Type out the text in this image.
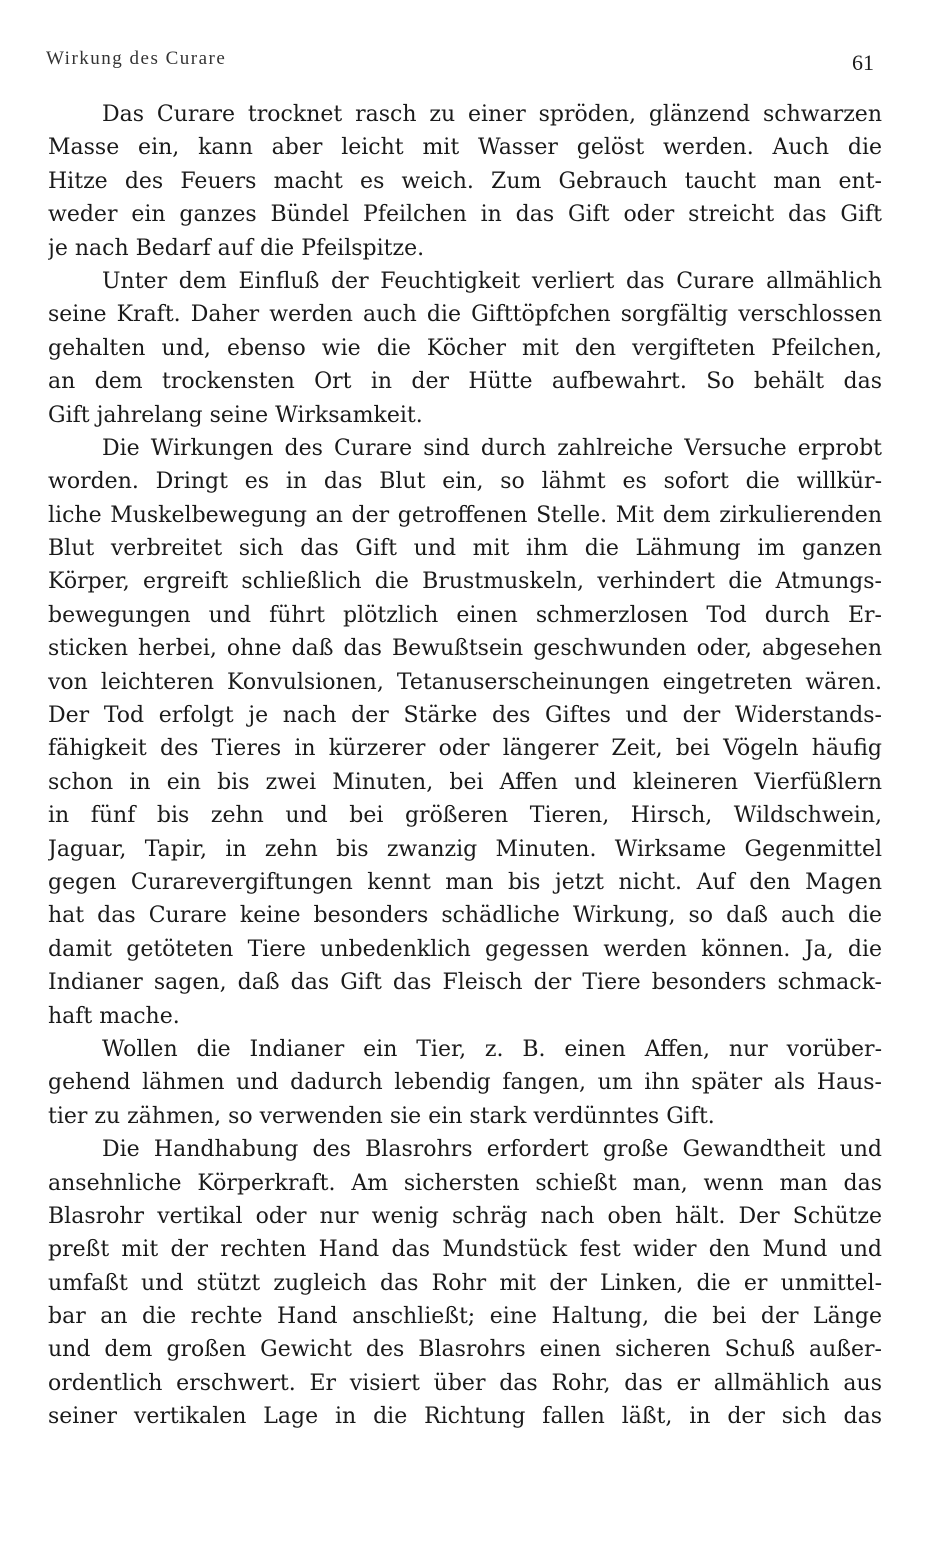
Wirkung des Curare	61
Das Curare trocknet rasch zu einer spröden, glänzend schwarzen
Masse ein, kann aber leicht mit Wasser gelöst werden. Auch die
Hitze des Feuers macht es weich. Zum Gebrauch taucht man ent-
weder ein ganzes Bündel Pfeilchen in das Gift oder streicht das Gift
je nach Bedarf auf die Pfeilspitze.
Unter dem Einfluß der Feuchtigkeit verliert das Curare allmählich
seine Kraft. Daher werden auch die Gifttöpfchen sorgfältig verschlossen
gehalten und, ebenso wie die Köcher mit den vergifteten Pfeilchen,
an dem trockensten Ort in der Hütte aufbewahrt. So behält das
Gift jahrelang seine Wirksamkeit.
Die Wirkungen des Curare sind durch zahlreiche Versuche erprobt
worden. Dringt es in das Blut ein, so lähmt es sofort die willkür-
liche Muskelbewegung an der getroffenen Stelle. Mit dem zirkulierenden
Blut verbreitet sich das Gift und mit ihm die Lähmung im ganzen
Körper, ergreift schließlich die Brustmuskeln, verhindert die Atmungs-
bewegungen und führt plötzlich einen schmerzlosen Tod durch Er-
sticken herbei, ohne daß das Bewußtsein geschwunden oder, abgesehen
von leichteren Konvulsionen, Tetanuserscheinungen eingetreten wären.
Der Tod erfolgt je nach der Stärke des Giftes und der Widerstands-
fähigkeit des Tieres in kürzerer oder längerer Zeit, bei Vögeln häufig
schon in ein bis zwei Minuten, bei Affen und kleineren Vierfüßlern
in fünf bis zehn und bei größeren Tieren, Hirsch, Wildschwein,
Jaguar, Tapir, in zehn bis zwanzig Minuten. Wirksame Gegenmittel
gegen Curarevergiftungen kennt man bis jetzt nicht. Auf den Magen
hat das Curare keine besonders schädliche Wirkung, so daß auch die
damit getöteten Tiere unbedenklich gegessen werden können. Ja, die
Indianer sagen, daß das Gift das Fleisch der Tiere besonders schmack-
haft mache.
Wollen die Indianer ein Tier, z. B. einen Affen, nur vorüber-
gehend lähmen und dadurch lebendig fangen, um ihn später als Haus-
tier zu zähmen, so verwenden sie ein stark verdünntes Gift.
Die Handhabung des Blasrohrs erfordert große Gewandtheit und
ansehnliche Körperkraft. Am sichersten schießt man, wenn man das
Blasrohr vertikal oder nur wenig schräg nach oben hält. Der Schütze
preßt mit der rechten Hand das Mundstück fest wider den Mund und
umfaßt und stützt zugleich das Rohr mit der Linken, die er unmittel-
bar an die rechte Hand anschließt; eine Haltung, die bei der Länge
und dem großen Gewicht des Blasrohrs einen sicheren Schuß außer-
ordentlich erschwert. Er visiert über das Rohr, das er allmählich aus
seiner vertikalen Lage in die Richtung fallen läßt, in der sich das
